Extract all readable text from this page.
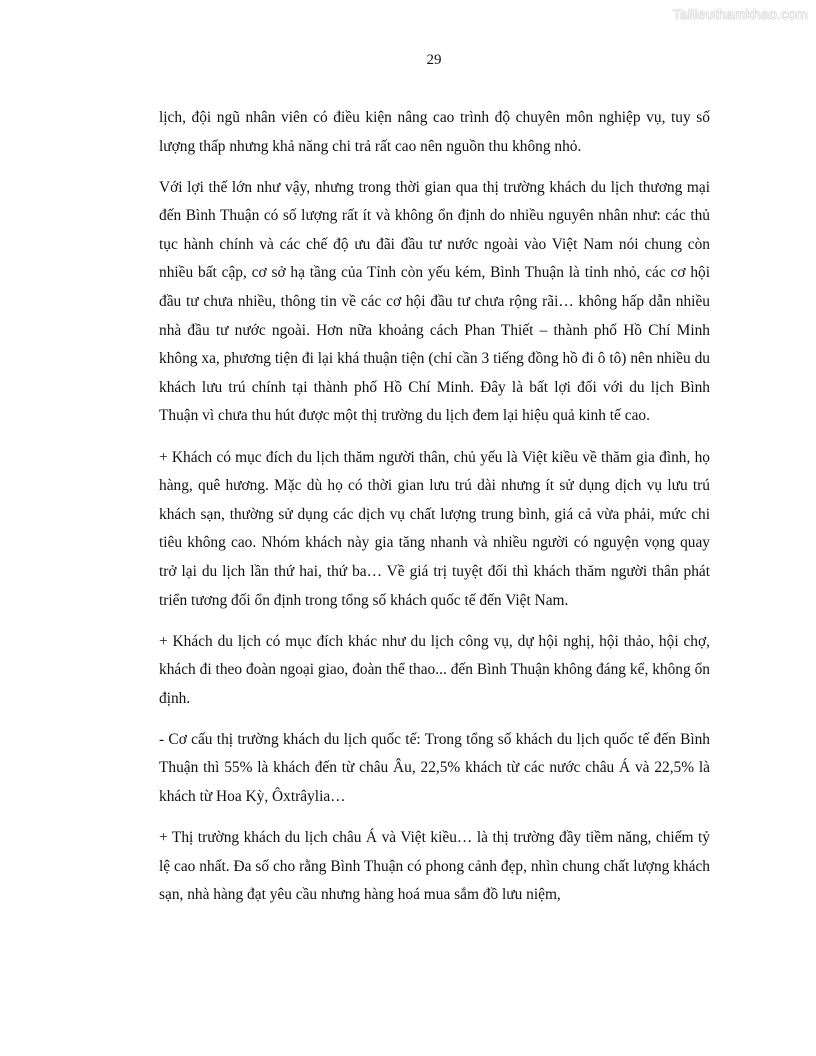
Tailieuthamkhao.com
29

lịch, đội ngũ nhân viên có điều kiện nâng cao trình độ chuyên môn nghiệp vụ, tuy số lượng thấp nhưng khả năng chi trả rất cao nên nguồn thu không nhỏ.

Với lợi thế lớn như vậy, nhưng trong thời gian qua thị trường khách du lịch thương mại đến Bình Thuận có số lượng rất ít và không ổn định do nhiều nguyên nhân như: các thủ tục hành chính và các chế độ ưu đãi đầu tư nước ngoài vào Việt Nam nói chung còn nhiều bất cập, cơ sở hạ tầng của Tỉnh còn yếu kém, Bình Thuận là tỉnh nhỏ, các cơ hội đầu tư chưa nhiều, thông tin về các cơ hội đầu tư chưa rộng rãi… không hấp dẫn nhiều nhà đầu tư nước ngoài. Hơn nữa khoảng cách Phan Thiết – thành phố Hồ Chí Minh không xa, phương tiện đi lại khá thuận tiện (chỉ cần 3 tiếng đồng hồ đi ô tô) nên nhiều du khách lưu trú chính tại thành phố Hồ Chí Minh. Đây là bất lợi đối với du lịch Bình Thuận vì chưa thu hút được một thị trường du lịch đem lại hiệu quả kinh tế cao.

+ Khách có mục đích du lịch thăm người thân, chủ yếu là Việt kiều về thăm gia đình, họ hàng, quê hương. Mặc dù họ có thời gian lưu trú dài nhưng ít sử dụng dịch vụ lưu trú khách sạn, thường sử dụng các dịch vụ chất lượng trung bình, giá cả vừa phải, mức chi tiêu không cao. Nhóm khách này gia tăng nhanh và nhiều người có nguyện vọng quay trở lại du lịch lần thứ hai, thứ ba… Về giá trị tuyệt đối thì khách thăm người thân phát triển tương đối ổn định trong tổng số khách quốc tế đến Việt Nam.

+ Khách du lịch có mục đích khác như du lịch công vụ, dự hội nghị, hội thảo, hội chợ, khách đi theo đoàn ngoại giao, đoàn thể thao... đến Bình Thuận không đáng kể, không ổn định.

- Cơ cấu thị trường khách du lịch quốc tế: Trong tổng số khách du lịch quốc tế đến Bình Thuận thì 55% là khách đến từ châu Âu, 22,5% khách từ các nước châu Á và 22,5% là khách từ Hoa Kỳ, Ôxtrâylia…

+ Thị trường khách du lịch châu Á và Việt kiều… là thị trường đầy tiềm năng, chiếm tỷ lệ cao nhất. Đa số cho rằng Bình Thuận có phong cảnh đẹp, nhìn chung chất lượng khách sạn, nhà hàng đạt yêu cầu nhưng hàng hoá mua sắm đồ lưu niệm,
